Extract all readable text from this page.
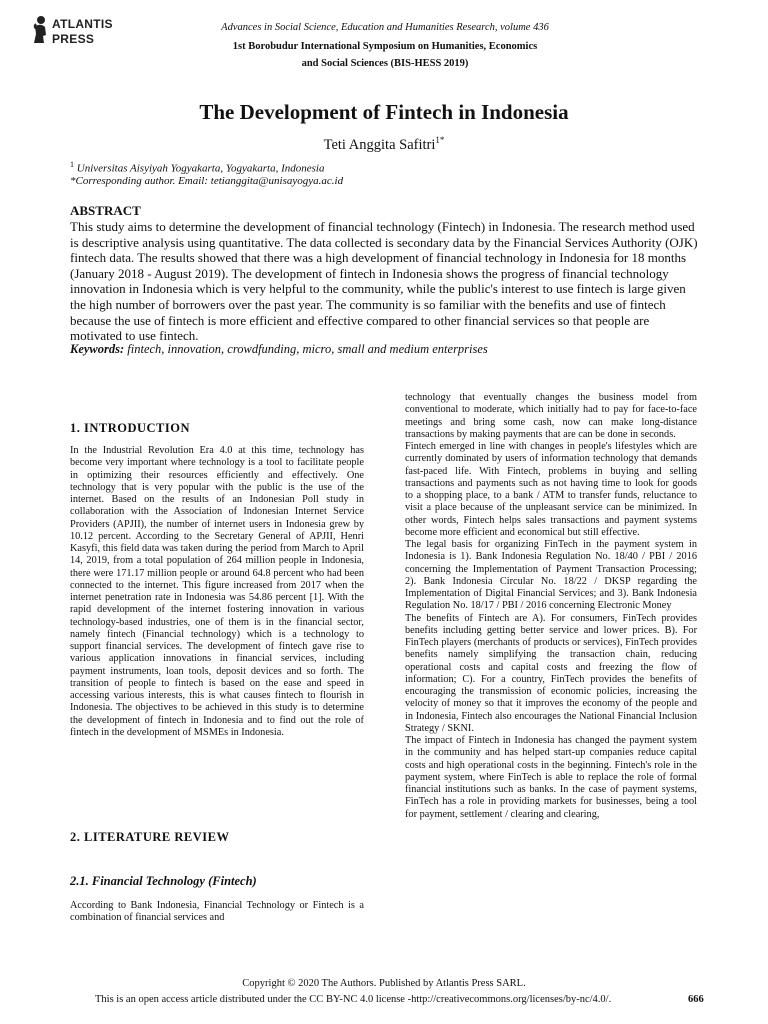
ATLANTIS
PRESS
Advances in Social Science, Education and Humanities Research, volume 436
1st Borobudur International Symposium on Humanities, Economics
and Social Sciences (BIS-HESS 2019)
The Development of Fintech in Indonesia
Teti Anggita Safitri$^{1*}$
$^1$ Universitas Aisyiyah Yogyakarta, Yogyakarta, Indonesia
*Corresponding author. Email: tetianggita@unisayogya.ac.id
ABSTRACT
This study aims to determine the development of financial technology (Fintech) in Indonesia. The research method used is descriptive analysis using quantitative. The data collected is secondary data by the Financial Services Authority (OJK) fintech data. The results showed that there was a high development of financial technology in Indonesia for 18 months (January 2018 - August 2019). The development of fintech in Indonesia shows the progress of financial technology innovation in Indonesia which is very helpful to the community, while the public's interest to use fintech is large given the high number of borrowers over the past year. The community is so familiar with the benefits and use of fintech because the use of fintech is more efficient and effective compared to other financial services so that people are motivated to use fintech.
Keywords: fintech, innovation, crowdfunding, micro, small and medium enterprises
1. INTRODUCTION

In the Industrial Revolution Era 4.0 at this time, technology has become very important where technology is a tool to facilitate people in optimizing their resources efficiently and effectively. One technology that is very popular with the public is the use of the internet. Based on the results of an Indonesian Poll study in collaboration with the Association of Indonesian Internet Service Providers (APJII), the number of internet users in Indonesia grew by 10.12 percent. According to the Secretary General of APJII, Henri Kasyfi, this field data was taken during the period from March to April 14, 2019, from a total population of 264 million people in Indonesia, there were 171.17 million people or around 64.8 percent who had been connected to the internet. This figure increased from 2017 when the internet penetration rate in Indonesia was 54.86 percent [1]. With the rapid development of the internet fostering innovation in various technology-based industries, one of them is in the financial sector, namely fintech (Financial technology) which is a technology to support financial services. The development of fintech gave rise to various application innovations in financial services, including payment instruments, loan tools, deposit devices and so forth. The transition of people to fintech is based on the ease and speed in accessing various interests, this is what causes fintech to flourish in Indonesia. The objectives to be achieved in this study is to determine the development of fintech in Indonesia and to find out the role of fintech in the development of MSMEs in Indonesia.

2. LITERATURE REVIEW
2.1. Financial Technology (Fintech)

According to Bank Indonesia, Financial Technology or Fintech is a combination of financial services and

technology that eventually changes the business model from conventional to moderate, which initially had to pay for face-to-face meetings and bring some cash, now can make long-distance transactions by making payments that are can be done in seconds.

Fintech emerged in line with changes in people's lifestyles which are currently dominated by users of information technology that demands fast-paced life. With Fintech, problems in buying and selling transactions and payments such as not having time to look for goods to a shopping place, to a bank / ATM to transfer funds, reluctance to visit a place because of the unpleasant service can be minimized. In other words, Fintech helps sales transactions and payment systems become more efficient and economical but still effective.

The legal basis for organizing FinTech in the payment system in Indonesia is 1). Bank Indonesia Regulation No. 18/40 / PBI / 2016 concerning the Implementation of Payment Transaction Processing; 2). Bank Indonesia Circular No. 18/22 / DKSP regarding the Implementation of Digital Financial Services; and 3). Bank Indonesia Regulation No. 18/17 / PBI / 2016 concerning Electronic Money

The benefits of Fintech are A). For consumers, FinTech provides benefits including getting better service and lower prices. B). For FinTech players (merchants of products or services), FinTech provides benefits namely simplifying the transaction chain, reducing operational costs and capital costs and freezing the flow of information; C). For a country, FinTech provides the benefits of encouraging the transmission of economic policies, increasing the velocity of money so that it improves the economy of the people and in Indonesia, Fintech also encourages the National Financial Inclusion Strategy / SKNI.

The impact of Fintech in Indonesia has changed the payment system in the community and has helped start-up companies reduce capital costs and high operational costs in the beginning. Fintech's role in the payment system, where FinTech is able to replace the role of formal financial institutions such as banks. In the case of payment systems, FinTech has a role in providing markets for businesses, being a tool for payment, settlement / clearing and clearing,

Copyright © 2020 The Authors. Published by Atlantis Press SARL.
This is an open access article distributed under the CC BY-NC 4.0 license -http://creativecommons.org/licenses/by-nc/4.0/.	666
